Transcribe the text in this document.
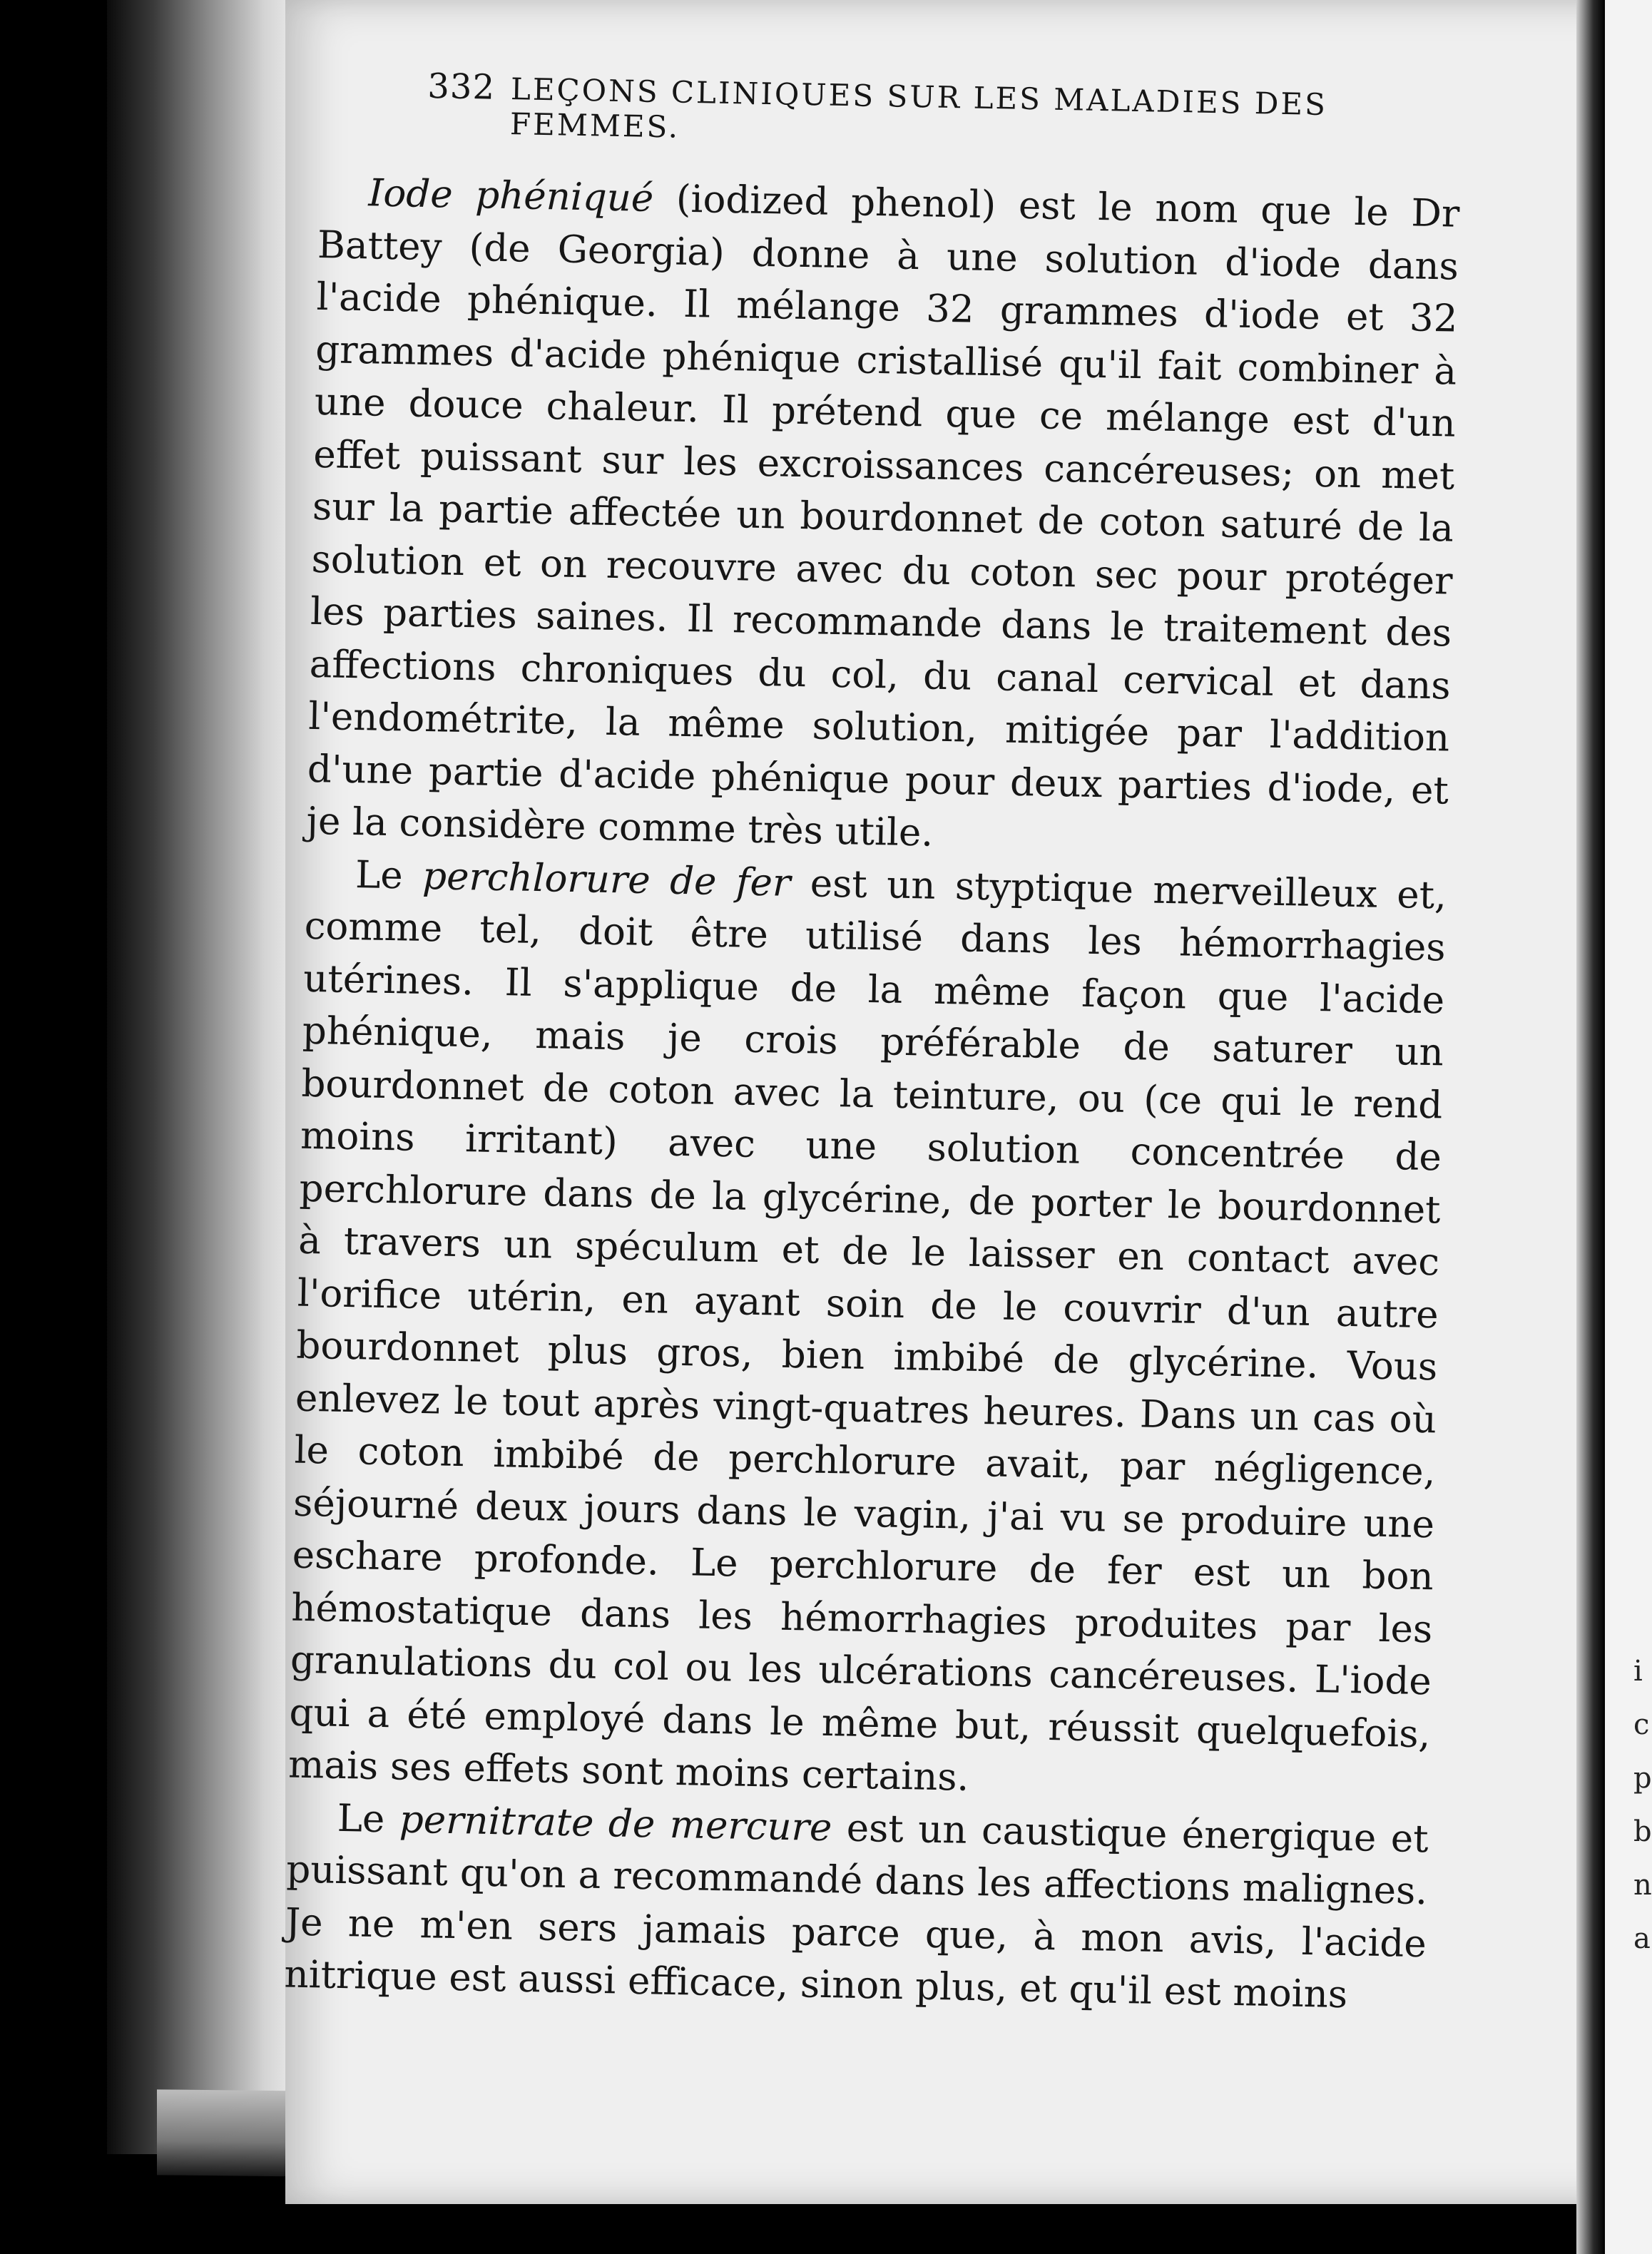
332 LEÇONS CLINIQUES SUR LES MALADIES DES FEMMES.

Iode phéniqué (iodized phenol) est le nom que le Dr Battey (de Georgia) donne à une solution d'iode dans l'acide phénique. Il mélange 32 grammes d'iode et 32 grammes d'acide phénique cristallisé qu'il fait combiner à une douce chaleur. Il prétend que ce mélange est d'un effet puissant sur les excroissances cancéreuses; on met sur la partie affectée un bourdonnet de coton saturé de la solution et on recouvre avec du coton sec pour protéger les parties saines. Il recommande dans le traitement des affections chroniques du col, du canal cervical et dans l'endométrite, la même solution, mitigée par l'addition d'une partie d'acide phénique pour deux parties d'iode, et je la considère comme très utile.

Le perchlorure de fer est un styptique merveilleux et, comme tel, doit être utilisé dans les hémorrhagies utérines. Il s'applique de la même façon que l'acide phénique, mais je crois préférable de saturer un bourdonnet de coton avec la teinture, ou (ce qui le rend moins irritant) avec une solution concentrée de perchlorure dans de la glycérine, de porter le bourdonnet à travers un spéculum et de le laisser en contact avec l'orifice utérin, en ayant soin de le couvrir d'un autre bourdonnet plus gros, bien imbibé de glycérine. Vous enlevez le tout après vingt-quatres heures. Dans un cas où le coton imbibé de perchlorure avait, par négligence, séjourné deux jours dans le vagin, j'ai vu se produire une eschare profonde. Le perchlorure de fer est un bon hémostatique dans les hémorrhagies produites par les granulations du col ou les ulcérations cancéreuses. L'iode qui a été employé dans le même but, réussit quelquefois, mais ses effets sont moins certains.

Le pernitrate de mercure est un caustique énergique et puissant qu'on a recommandé dans les affections malignes. Je ne m'en sers jamais parce que, à mon avis, l'acide nitrique est aussi efficace, sinon plus, et qu'il est moins

i
c
p
b
n
a
